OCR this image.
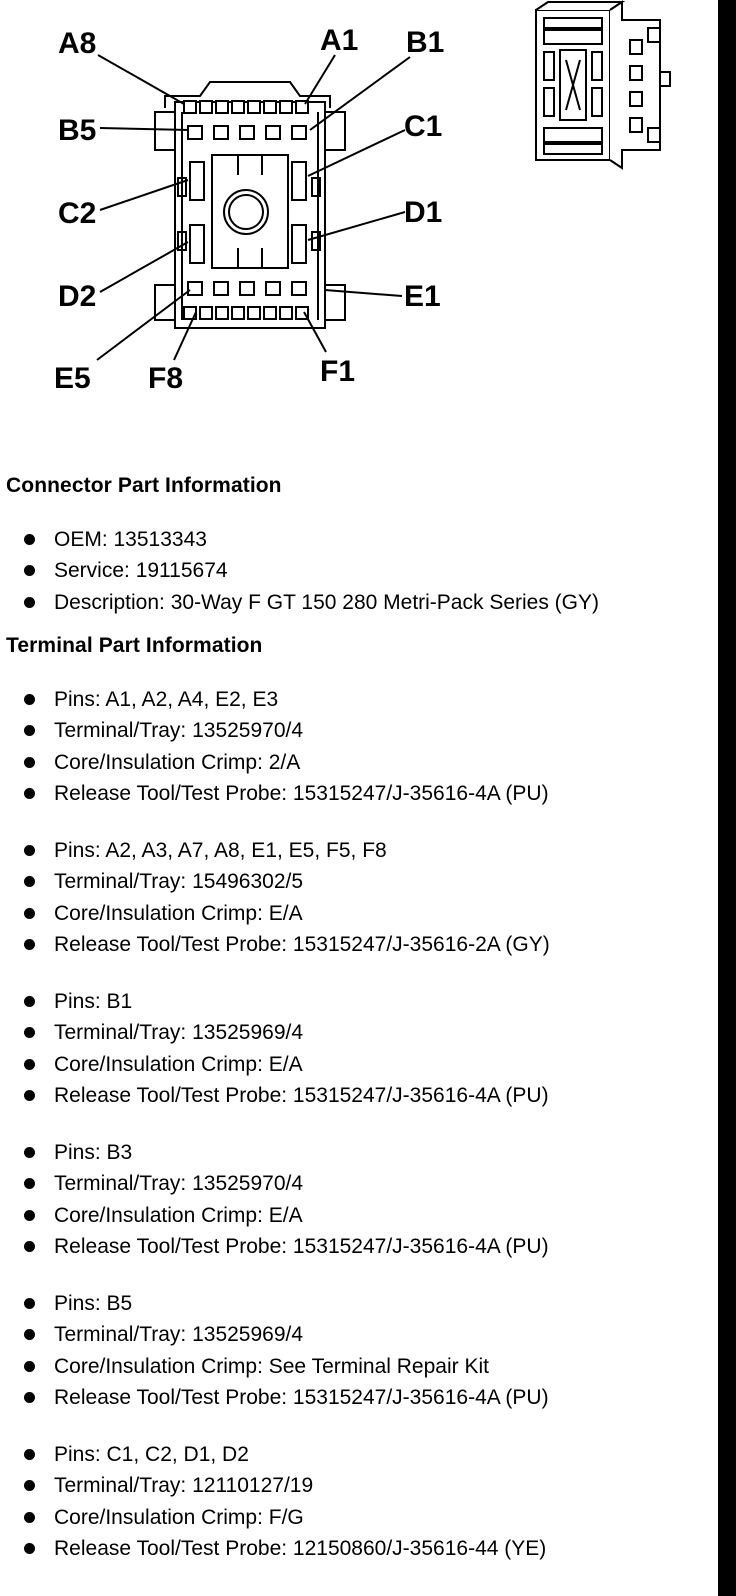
A8	A1 B1
B5	C1
C2	D1
D2	E1
E5 F8	F1
Connector Part Information
OEM: 13513343
Service: 19115674
Description: 30-Way F GT 150 280 Metri-Pack Series (GY)
Terminal Part Information
Pins: A1, A2, A4, E2, E3
Terminal/Tray: 13525970/4
Core/Insulation Crimp: 2/A
Release Tool/Test Probe: 15315247/J-35616-4A (PU)
Pins: A2, A3, A7, A8, E1, E5, F5, F8
Terminal/Tray: 15496302/5
Core/Insulation Crimp: E/A
Release Tool/Test Probe: 15315247/J-35616-2A (GY)
Pins: B1
Terminal/Tray: 13525969/4
Core/Insulation Crimp: E/A
Release Tool/Test Probe: 15315247/J-35616-4A (PU)
Pins: B3
Terminal/Tray: 13525970/4
Core/Insulation Crimp: E/A
Release Tool/Test Probe: 15315247/J-35616-4A (PU)
Pins: B5
Terminal/Tray: 13525969/4
Core/Insulation Crimp: See Terminal Repair Kit
Release Tool/Test Probe: 15315247/J-35616-4A (PU)
Pins: C1, C2, D1, D2
Terminal/Tray: 12110127/19
Core/Insulation Crimp: F/G
Release Tool/Test Probe: 12150860/J-35616-44 (YE)
